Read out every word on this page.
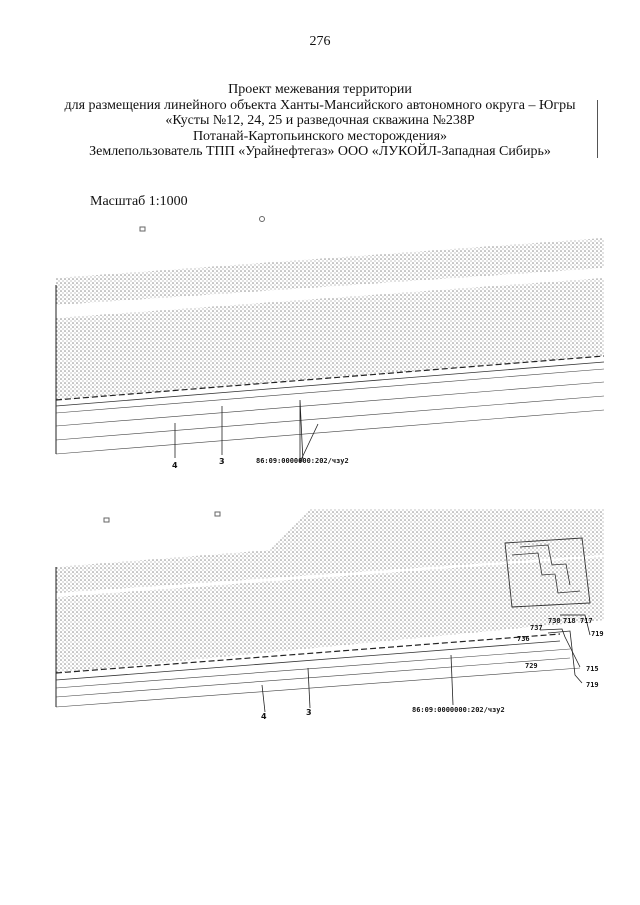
276
Проект межевания территории
для размещения линейного объекта Ханты-Мансийского автономного округа – Югры
«Кусты №12, 24, 25 и разведочная скважина №238Р
Потанай-Картопьинского месторождения»
Землепользователь ТПП «Урайнефтегаз» ООО «ЛУКОЙЛ-Западная Сибирь»
Масштаб 1:1000
4	3	86:09:0000000:202/чзу2
4	3	86:09:0000000:202/чзу2
737
736
738 718 717
719
729	715
719
